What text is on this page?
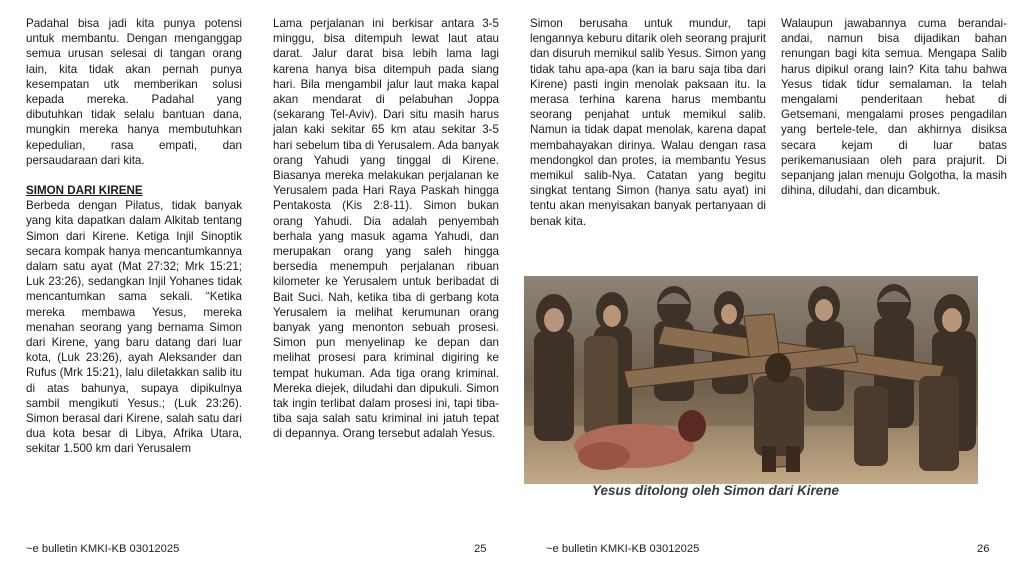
Padahal bisa jadi kita punya potensi untuk membantu. Dengan menganggap semua urusan selesai di tangan orang lain, kita tidak akan pernah punya kesempatan utk memberikan solusi kepada mereka. Padahal yang dibutuhkan tidak selalu bantuan dana, mungkin mereka hanya membutuhkan kepedulian, rasa empati, dan persaudaraan dari kita.

SIMON DARI KIRENE

Berbeda dengan Pilatus, tidak banyak yang kita dapatkan dalam Alkitab tentang Simon dari Kirene. Ketiga Injil Sinoptik secara kompak hanya mencantumkannya dalam satu ayat (Mat 27:32; Mrk 15:21; Luk 23:26), sedangkan Injil Yohanes tidak mencantumkan sama sekali. “Ketika mereka membawa Yesus, mereka menahan seorang yang bernama Simon dari Kirene, yang baru datang dari luar kota, (Luk 23:26), ayah Aleksander dan Rufus (Mrk 15:21), lalu diletakkan salib itu di atas bahunya, supaya dipikulnya sambil mengikuti Yesus.; (Luk 23:26). Simon berasal dari Kirene, salah satu dari dua kota besar di Libya, Afrika Utara, sekitar 1.500 km dari Yerusalem

Lama perjalanan ini berkisar antara 3-5 minggu, bisa ditempuh lewat laut atau darat. Jalur darat bisa lebih lama lagi karena hanya bisa ditempuh pada siang hari. Bila mengambil jalur laut maka kapal akan mendarat di pelabuhan Joppa (sekarang Tel-Aviv). Dari situ masih harus jalan kaki sekitar 65 km atau sekitar 3-5 hari sebelum tiba di Yerusalem. Ada banyak orang Yahudi yang tinggal di Kirene. Biasanya mereka melakukan perjalanan ke Yerusalem pada Hari Raya Paskah hingga Pentakosta (Kis 2:8-11). Simon bukan orang Yahudi. Dia adalah penyembah berhala yang masuk agama Yahudi, dan merupakan orang yang saleh hingga bersedia menempuh perjalanan ribuan kilometer ke Yerusalem untuk beribadat di Bait Suci. Nah, ketika tiba di gerbang kota Yerusalem ia melihat kerumunan orang banyak yang menonton sebuah prosesi. Simon pun menyelinap ke depan dan melihat prosesi para kriminal digiring ke tempat hukuman. Ada tiga orang kriminal. Mereka diejek, diludahi dan dipukuli. Simon tak ingin terlibat dalam prosesi ini, tapi tiba-tiba saja salah satu kriminal ini jatuh tepat di depannya. Orang tersebut adalah Yesus.

Simon berusaha untuk mundur, tapi lengannya keburu ditarik oleh seorang prajurit dan disuruh memikul salib Yesus. Simon yang tidak tahu apa-apa (kan ia baru saja tiba dari Kirene) pasti ingin menolak paksaan itu. Ia merasa terhina karena harus membantu seorang penjahat untuk memikul salib. Namun ia tidak dapat menolak, karena dapat membahayakan dirinya. Walau dengan rasa mendongkol dan protes, ia membantu Yesus memikul salib-Nya. Catatan yang begitu singkat tentang Simon (hanya satu ayat) ini tentu akan menyisakan banyak pertanyaan di benak kita.

Walaupun jawabannya cuma berandai-andai, namun bisa dijadikan bahan renungan bagi kita semua. Mengapa Salib harus dipikul orang lain? Kita tahu bahwa Yesus tidak tidur semalaman. Ia telah mengalami penderitaan hebat di Getsemani, mengalami proses pengadilan yang bertele-tele, dan akhirnya disiksa secara kejam di luar batas perikemanusiaan oleh para prajurit. Di sepanjang jalan menuju Golgotha, Ia masih dihina, diludahi, dan dicambuk.

Yesus ditolong oleh Simon dari Kirene
~e bulletin KMKI-KB 03012025	25	~e bulletin KMKI-KB 03012025	26
